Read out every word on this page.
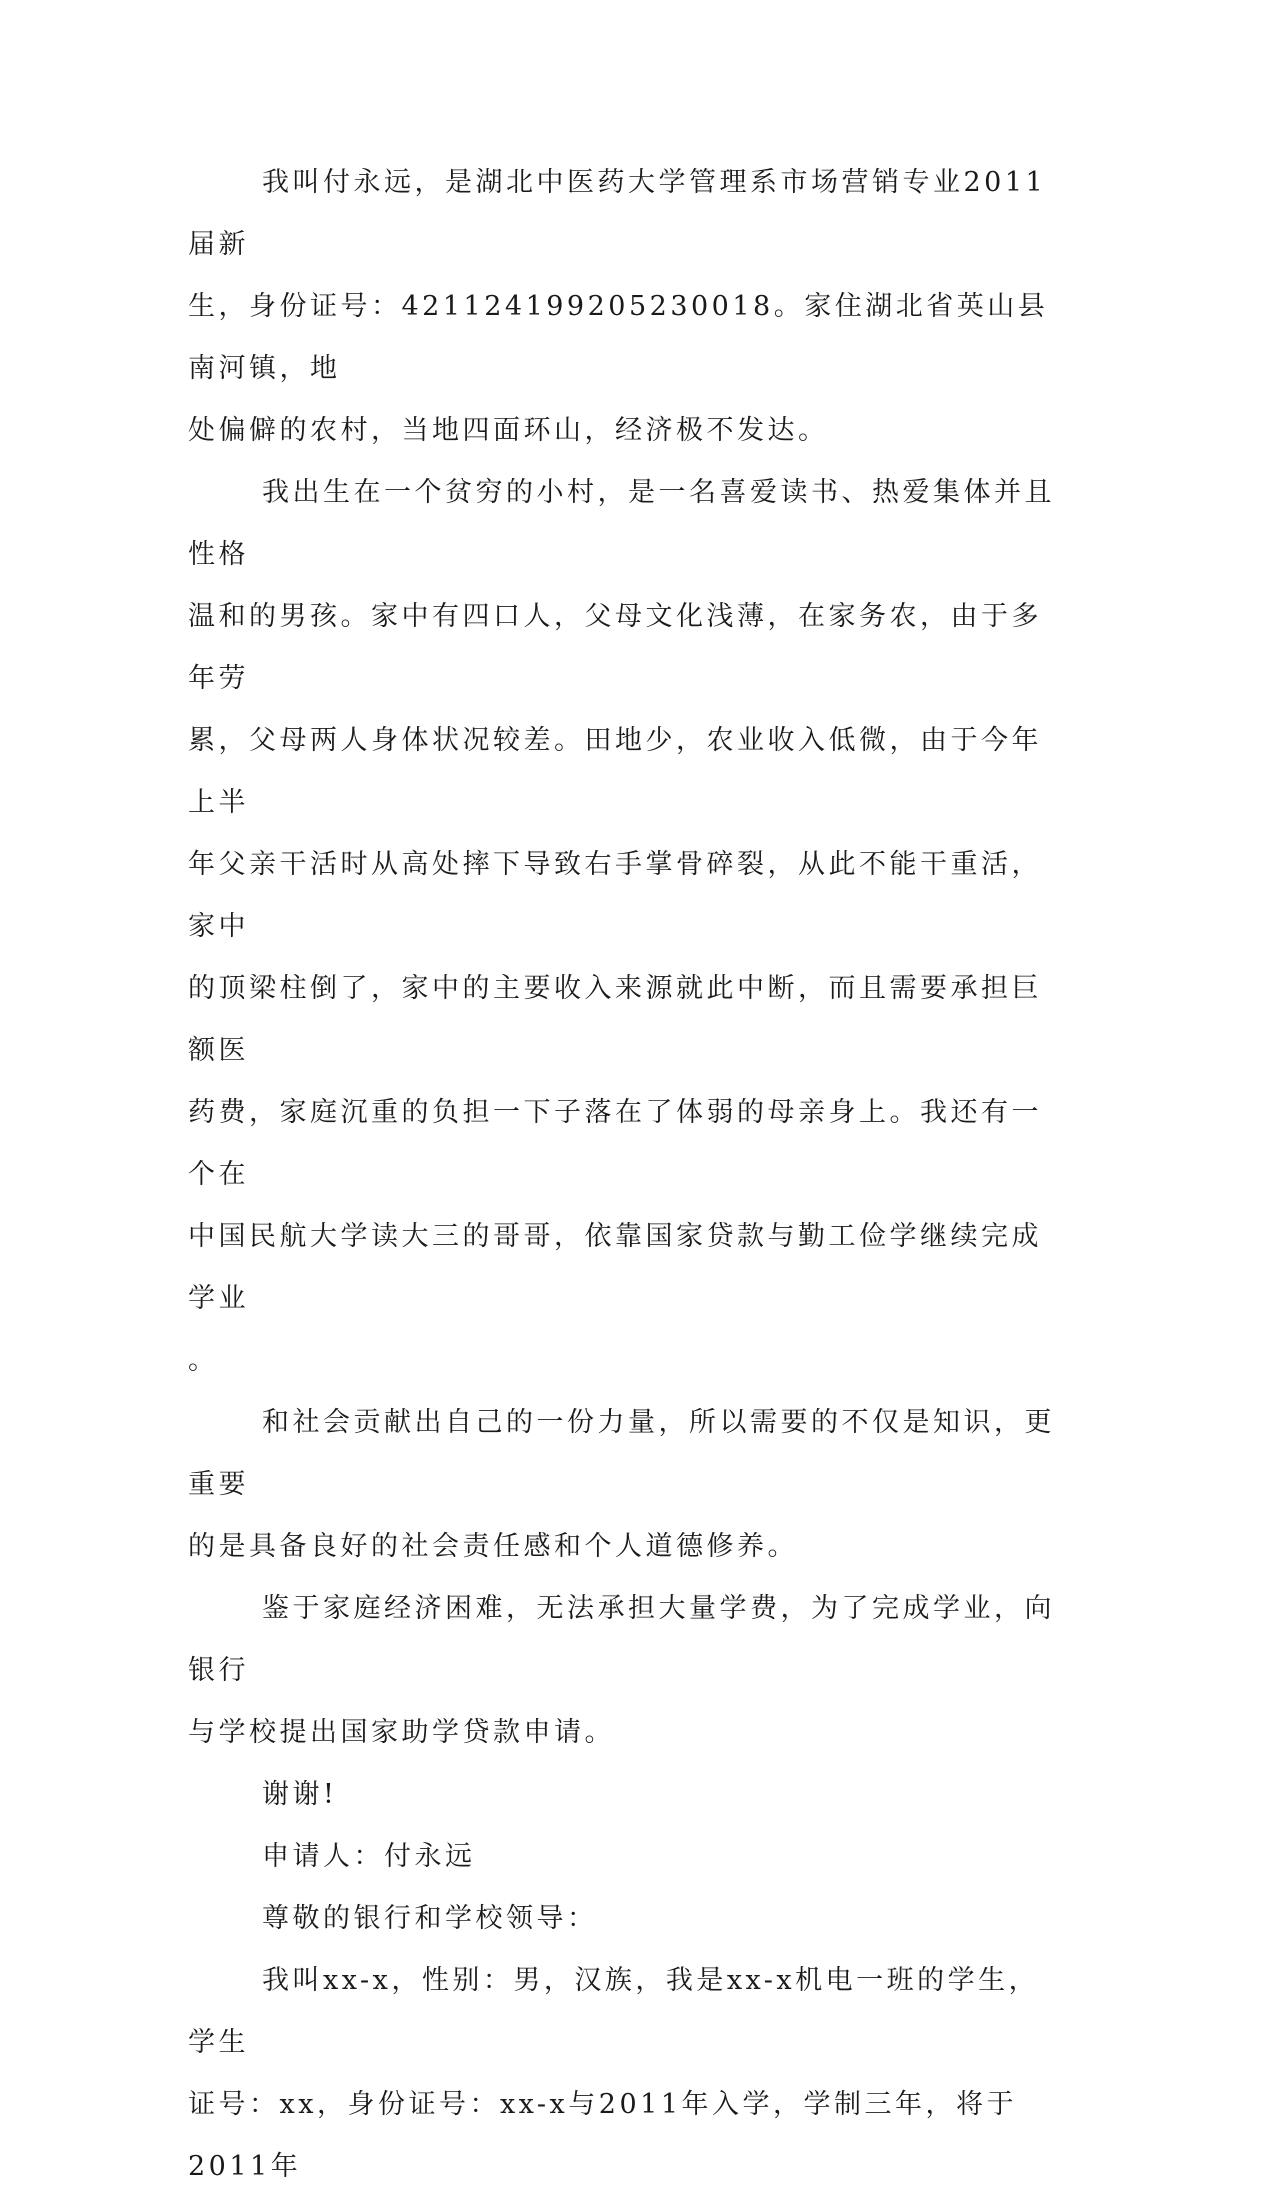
我叫付永远，是湖北中医药大学管理系市场营销专业2011届新
生，身份证号：421124199205230018。家住湖北省英山县南河镇，地
处偏僻的农村，当地四面环山，经济极不发达。

我出生在一个贫穷的小村，是一名喜爱读书、热爱集体并且性格
温和的男孩。家中有四口人，父母文化浅薄，在家务农，由于多年劳
累，父母两人身体状况较差。田地少，农业收入低微，由于今年上半
年父亲干活时从高处摔下导致右手掌骨碎裂，从此不能干重活，家中
的顶梁柱倒了，家中的主要收入来源就此中断，而且需要承担巨额医
药费，家庭沉重的负担一下子落在了体弱的母亲身上。我还有一个在
中国民航大学读大三的哥哥，依靠国家贷款与勤工俭学继续完成学业
。

和社会贡献出自己的一份力量，所以需要的不仅是知识，更重要
的是具备良好的社会责任感和个人道德修养。

鉴于家庭经济困难，无法承担大量学费，为了完成学业，向银行
与学校提出国家助学贷款申请。

谢谢!

申请人：付永远

尊敬的银行和学校领导：

我叫xx-x，性别：男，汉族，我是xx-x机电一班的学生，学生
证号：xx，身份证号：xx-x与2011年入学，学制三年，将于2011年
